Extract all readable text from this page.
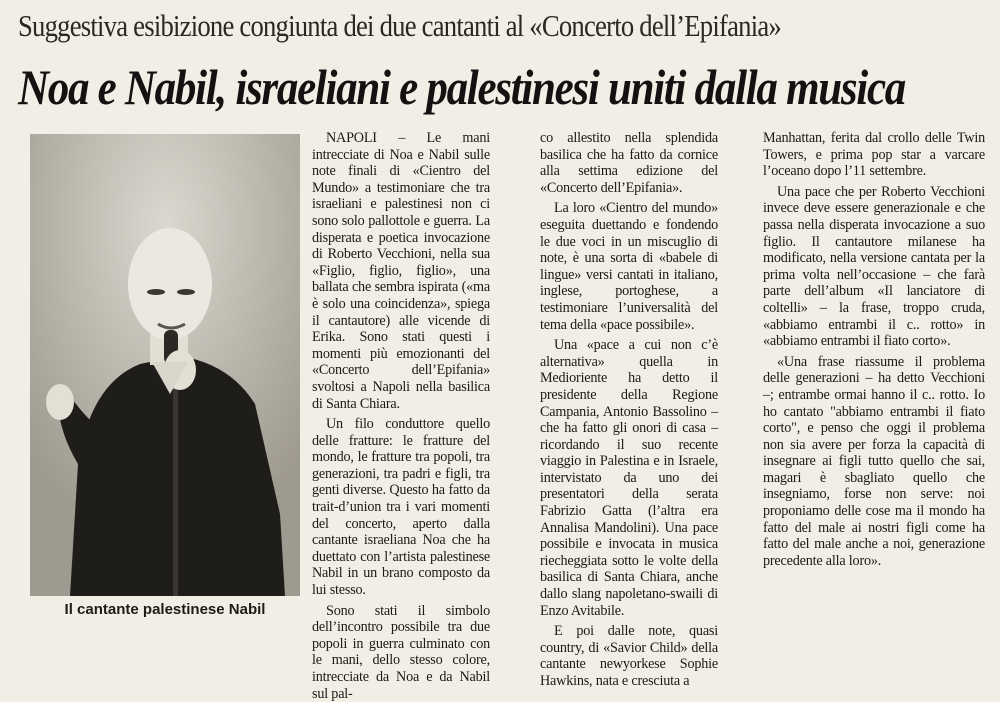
Suggestiva esibizione congiunta dei due cantanti al «Concerto dell’Epifania»
Noa e Nabil, israeliani e palestinesi uniti dalla musica
Il cantante palestinese Nabil

NAPOLI – Le mani intrecciate di Noa e Nabil sulle note finali di «Cientro del Mundo» a testimoniare che tra israeliani e palestinesi non ci sono solo pallottole e guerra. La disperata e poetica invocazione di Roberto Vecchioni, nella sua «Figlio, figlio, figlio», una ballata che sembra ispirata («ma è solo una coincidenza», spiega il cantautore) alle vicende di Erika. Sono stati questi i momenti più emozionanti del «Concerto dell’Epifania» svoltosi a Napoli nella basilica di Santa Chiara.

Un filo conduttore quello delle fratture: le fratture del mondo, le fratture tra popoli, tra generazioni, tra padri e figli, tra genti diverse. Questo ha fatto da trait-d’union tra i vari momenti del concerto, aperto dalla cantante israeliana Noa che ha duettato con l’artista palestinese Nabil in un brano composto da lui stesso.

Sono stati il simbolo dell’incontro possibile tra due popoli in guerra culminato con le mani, dello stesso colore, intrecciate da Noa e da Nabil sul pal-

co allestito nella splendida basilica che ha fatto da cornice alla settima edizione del «Concerto dell’Epifania».

La loro «Cientro del mundo» eseguita duettando e fondendo le due voci in un miscuglio di note, è una sorta di «babele di lingue» versi cantati in italiano, inglese, portoghese, a testimoniare l’universalità del tema della «pace possibile».

Una «pace a cui non c’è alternativa» quella in Medioriente ha detto il presidente della Regione Campania, Antonio Bassolino – che ha fatto gli onori di casa – ricordando il suo recente viaggio in Palestina e in Israele, intervistato da uno dei presentatori della serata Fabrizio Gatta (l’altra era Annalisa Mandolini). Una pace possibile e invocata in musica riecheggiata sotto le volte della basilica di Santa Chiara, anche dallo slang napoletano-swaili di Enzo Avitabile.

E poi dalle note, quasi country, di «Savior Child» della cantante newyorkese Sophie Hawkins, nata e cresciuta a

Manhattan, ferita dal crollo delle Twin Towers, e prima pop star a varcare l’oceano dopo l’11 settembre.

Una pace che per Roberto Vecchioni invece deve essere generazionale e che passa nella disperata invocazione a suo figlio. Il cantautore milanese ha modificato, nella versione cantata per la prima volta nell’occasione – che farà parte dell’album «Il lanciatore di coltelli» – la frase, troppo cruda, «abbiamo entrambi il c.. rotto» in «abbiamo entrambi il fiato corto».

«Una frase riassume il problema delle generazioni – ha detto Vecchioni –; entrambe ormai hanno il c.. rotto. Io ho cantato "abbiamo entrambi il fiato corto", e penso che oggi il problema non sia avere per forza la capacità di insegnare ai figli tutto quello che sai, magari è sbagliato quello che insegniamo, forse non serve: noi proponiamo delle cose ma il mondo ha fatto del male ai nostri figli come ha fatto del male anche a noi, generazione precedente alla loro».
